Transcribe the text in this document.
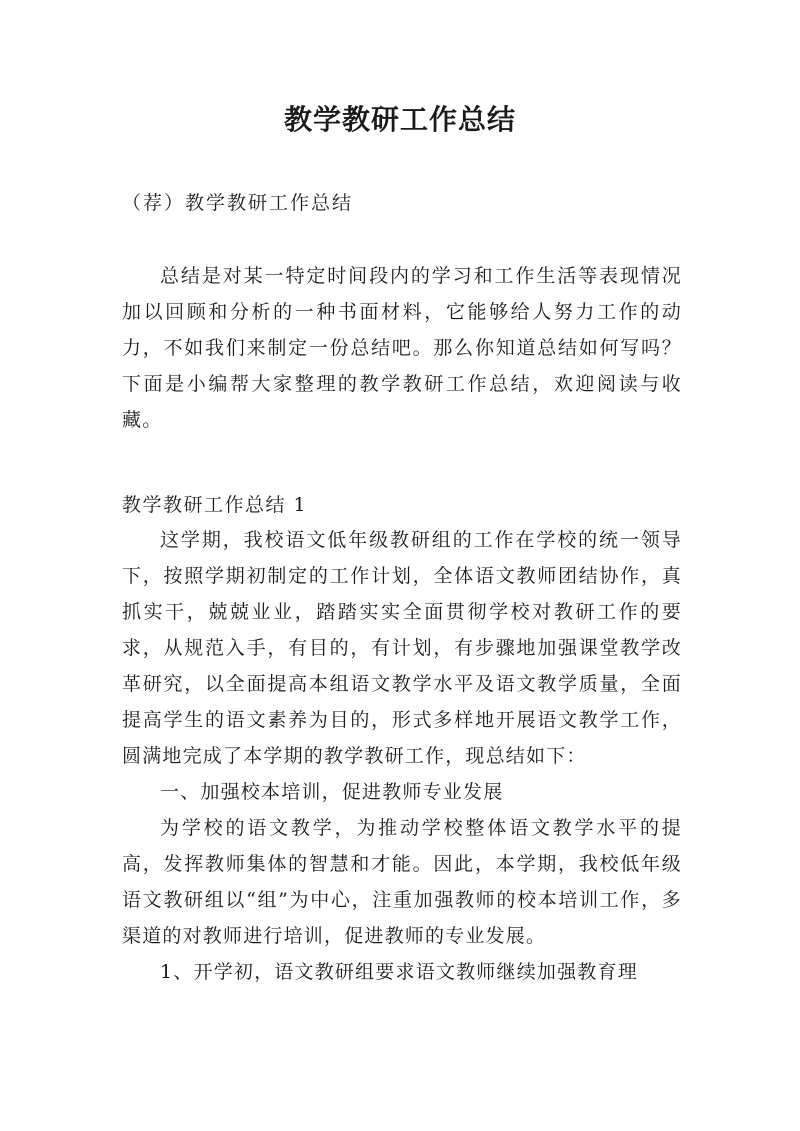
教学教研工作总结

（荐）教学教研工作总结

总结是对某一特定时间段内的学习和工作生活等表现情况加以回顾和分析的一种书面材料，它能够给人努力工作的动力，不如我们来制定一份总结吧。那么你知道总结如何写吗？下面是小编帮大家整理的教学教研工作总结，欢迎阅读与收藏。

教学教研工作总结 1

这学期，我校语文低年级教研组的工作在学校的统一领导下，按照学期初制定的工作计划，全体语文教师团结协作，真抓实干，兢兢业业，踏踏实实全面贯彻学校对教研工作的要求，从规范入手，有目的，有计划，有步骤地加强课堂教学改革研究，以全面提高本组语文教学水平及语文教学质量，全面提高学生的语文素养为目的，形式多样地开展语文教学工作，圆满地完成了本学期的教学教研工作，现总结如下：

一、加强校本培训，促进教师专业发展

为学校的语文教学，为推动学校整体语文教学水平的提高，发挥教师集体的智慧和才能。因此，本学期，我校低年级语文教研组以“组”为中心，注重加强教师的校本培训工作，多渠道的对教师进行培训，促进教师的专业发展。

1、开学初，语文教研组要求语文教师继续加强教育理
